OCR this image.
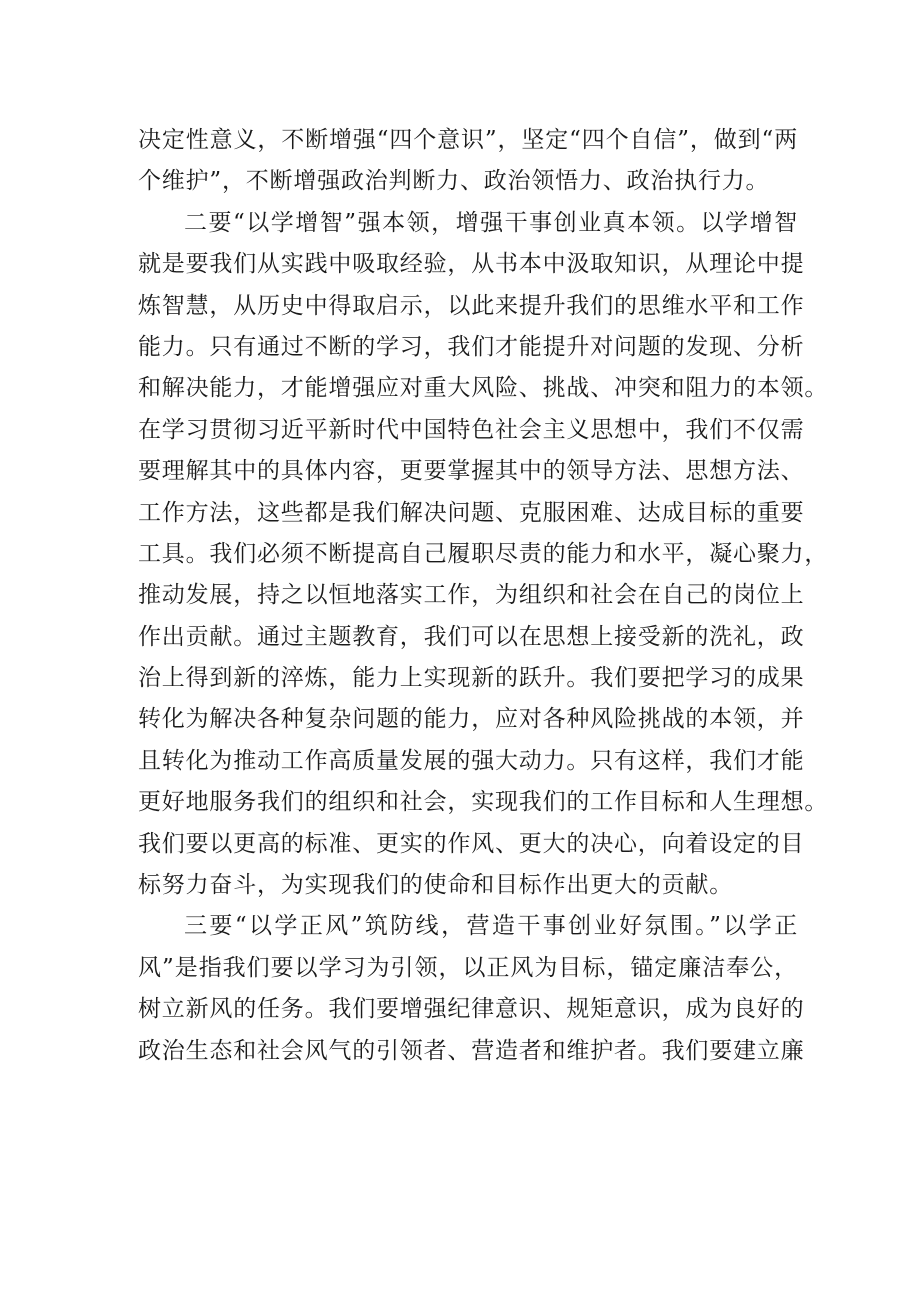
决定性意义，不断增强“四个意识”，坚定“四个自信”，做到“两
个维护”，不断增强政治判断力、政治领悟力、政治执行力。
二要“以学增智”强本领，增强干事创业真本领。以学增智
就是要我们从实践中吸取经验，从书本中汲取知识，从理论中提
炼智慧，从历史中得取启示，以此来提升我们的思维水平和工作
能力。只有通过不断的学习，我们才能提升对问题的发现、分析
和解决能力，才能增强应对重大风险、挑战、冲突和阻力的本领。
在学习贯彻习近平新时代中国特色社会主义思想中，我们不仅需
要理解其中的具体内容，更要掌握其中的领导方法、思想方法、
工作方法，这些都是我们解决问题、克服困难、达成目标的重要
工具。我们必须不断提高自己履职尽责的能力和水平，凝心聚力，
推动发展，持之以恒地落实工作，为组织和社会在自己的岗位上
作出贡献。通过主题教育，我们可以在思想上接受新的洗礼，政
治上得到新的淬炼，能力上实现新的跃升。我们要把学习的成果
转化为解决各种复杂问题的能力，应对各种风险挑战的本领，并
且转化为推动工作高质量发展的强大动力。只有这样，我们才能
更好地服务我们的组织和社会，实现我们的工作目标和人生理想。
我们要以更高的标准、更实的作风、更大的决心，向着设定的目
标努力奋斗，为实现我们的使命和目标作出更大的贡献。
三要“以学正风”筑防线，营造干事创业好氛围。”以学正
风”是指我们要以学习为引领，以正风为目标，锚定廉洁奉公，
树立新风的任务。我们要增强纪律意识、规矩意识，成为良好的
政治生态和社会风气的引领者、营造者和维护者。我们要建立廉
